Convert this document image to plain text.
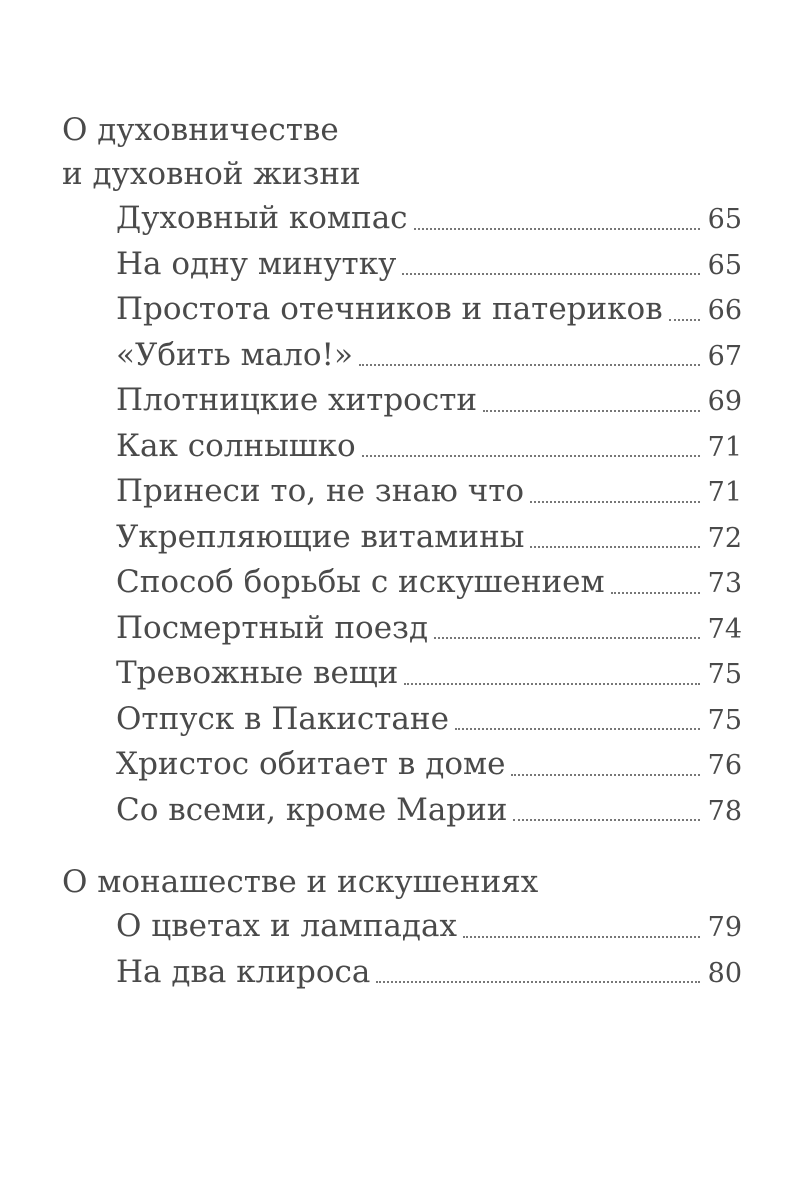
О духовничестве
и духовной жизни
Духовный компас	65
На одну минутку	65
Простота отечников и патериков 66
«Убить мало!»	67
Плотницкие хитрости	69
Как солнышко	71
Принеси то, не знаю что	71
Укрепляющие витамины	72
Способ борьбы с искушением	73
Посмертный поезд	74
Тревожные вещи	75
Отпуск в Пакистане	75
Христос обитает в доме	76
Со всеми, кроме Марии	78
О монашестве и искушениях
О цветах и лампадах	79
На два клироса	80
